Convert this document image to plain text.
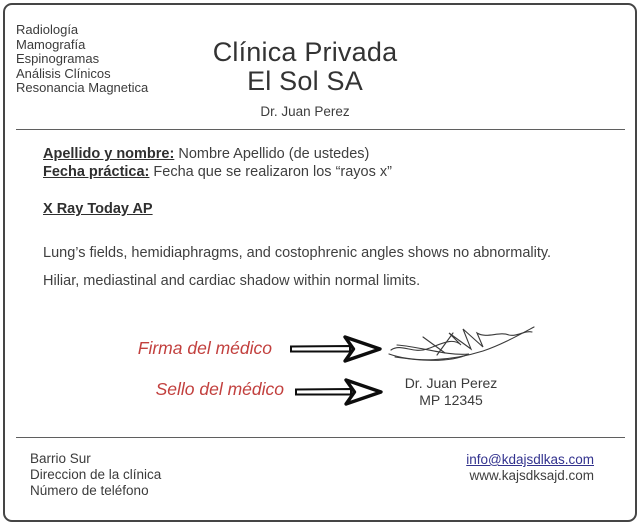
Radiología
Mamografía
Espinogramas
Análisis Clínicos
Resonancia Magnetica
Clínica Privada
El Sol SA
Dr. Juan Perez
Apellido y nombre: Nombre Apellido (de ustedes)
Fecha práctica: Fecha que se realizaron los “rayos x”
X Ray Today AP
Lung’s fields, hemidiaphragms, and costophrenic angles shows no abnormality.
Hiliar, mediastinal and cardiac shadow within normal limits.
Firma del médico
Sello del médico	Dr. Juan Perez
MP 12345
Barrio Sur
Direccion de la clínica
Número de teléfono
info@kdajsdlkas.com
www.kajsdksajd.com
